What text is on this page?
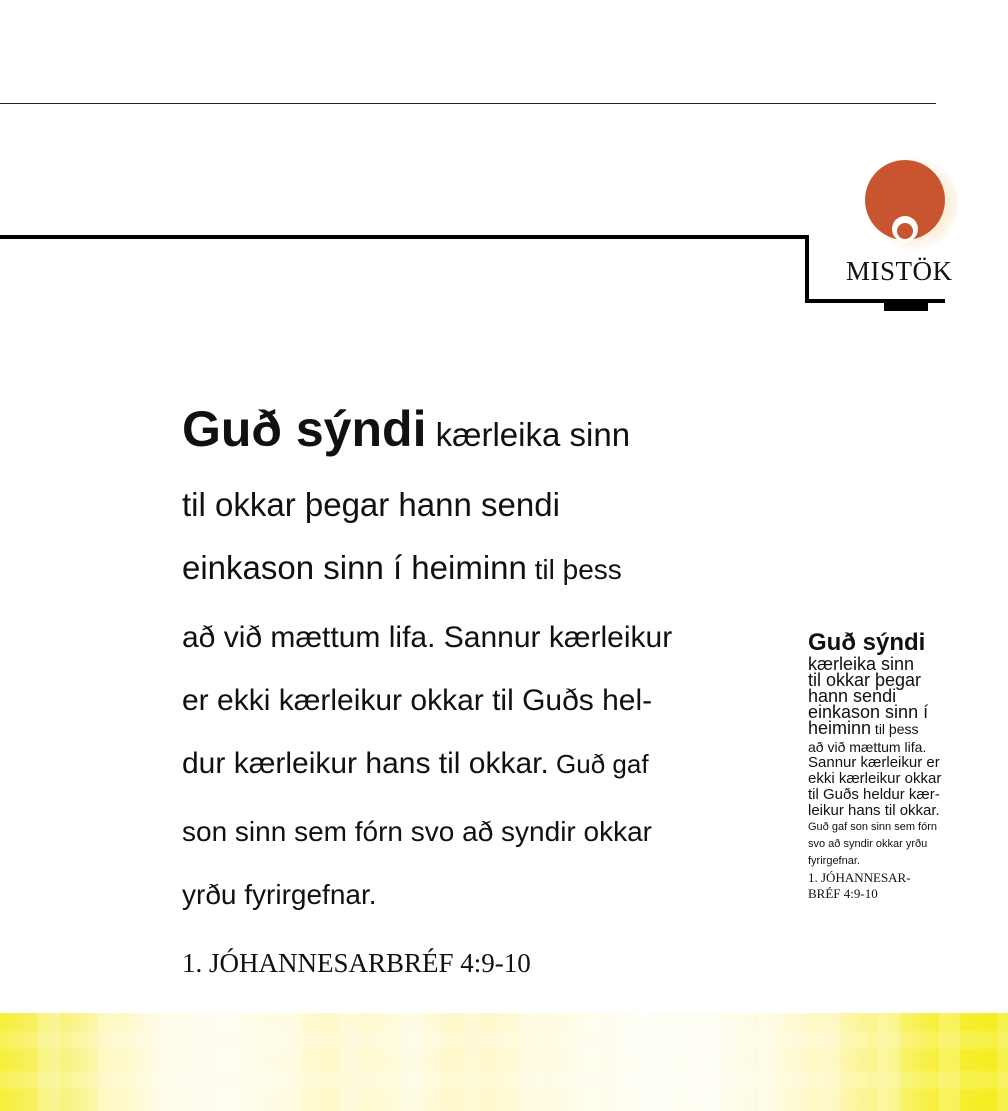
MISTÖK
Guð sýndi kærleika sinn
til okkar þegar hann sendi
einkason sinn í heiminn til þess
að við mættum lifa. Sannur kærleikur
er ekki kærleikur okkar til Guðs hel-
dur kærleikur hans til okkar. Guð gaf
son sinn sem fórn svo að syndir okkar
yrðu fyrirgefnar.
1. JÓHANNESARBRÉF 4:9-10
Guð sýndi
kærleika sinn
til okkar þegar
hann sendi
einkason sinn í
heiminn til þess
að við mættum lifa.
Sannur kærleikur er
ekki kærleikur okkar
til Guðs heldur kær-
leikur hans til okkar.
Guð gaf son sinn sem fórn
svo að syndir okkar yrðu
fyrirgefnar.
1. JÓHANNESAR-
BRÉF 4:9-10
